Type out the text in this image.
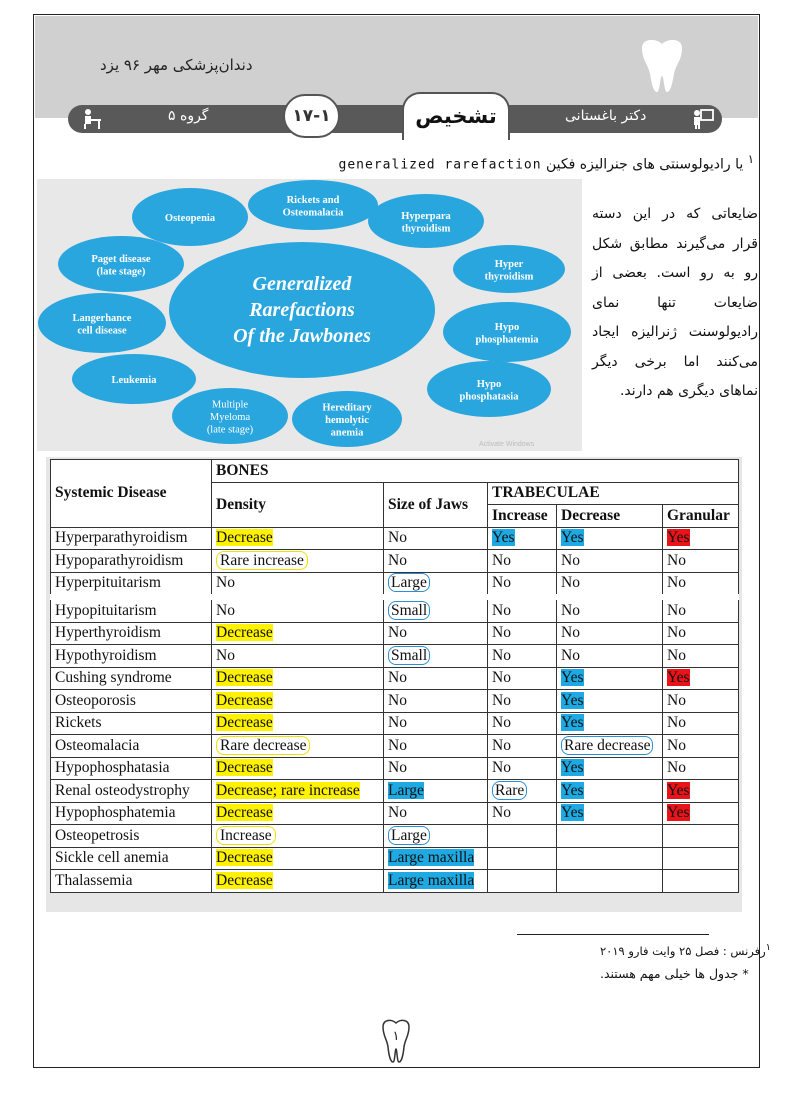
دندان‌پزشکی مهر ۹۶ یزد
گروه ۵	۱۷-۱	تشخیص	دکتر باغستانی
$^۱$ یا رادیولوسنتی های جنرالیزه فکین generalized rarefaction
Generalized
Rarefactions
Of the Jawbones
Rickets and
Osteomalacia
Osteopenia	Hyperpara
thyroidism
Paget disease
(late stage)
Hyper
thyroidism
Langerhance
cell disease	Hypo
phosphatemia
Leukemia	Hypo
phosphatasia
Multiple
Myeloma
(late stage)
Hereditary
hemolytic
anemia
Activate Windows
ضایعاتی که در این دسته قرار می‌گیرند مطابق شکل رو به رو است. بعضی از ضایعات تنها نمای رادیولوسنت ژنرالیزه ایجاد می‌کنند اما برخی دیگر نماهای دیگری هم دارند.
Systemic Disease	BONES				
	Density	Size of Jaws	TRABECULAE		
			Increase	Decrease	Granular
Hyperparathyroidism	Decrease	No	Yes	Yes	Yes
Hypoparathyroidism	Rare increase	No	No	No	No
Hyperpituitarism	No	Large	No	No	No
Hypopituitarism	No	Small	No	No	No
Hyperthyroidism	Decrease	No	No	No	No
Hypothyroidism	No	Small	No	No	No
Cushing syndrome	Decrease	No	No	Yes	Yes
Osteoporosis	Decrease	No	No	Yes	No
Rickets	Decrease	No	No	Yes	No
Osteomalacia	Rare decrease	No	No	Rare decrease	No
Hypophosphatasia	Decrease	No	No	Yes	No
Renal osteodystrophy	Decrease; rare increase	Large	Rare	Yes	Yes
Hypophosphatemia	Decrease	No	No	Yes	Yes
Osteopetrosis	Increase	Large			
Sickle cell anemia	Decrease	Large maxilla			
Thalassemia	Decrease	Large maxilla			
$^۱$رفرنس : فصل ۲۵ وایت فارو ۲۰۱۹
* جدول ها خیلی مهم هستند.
۱
